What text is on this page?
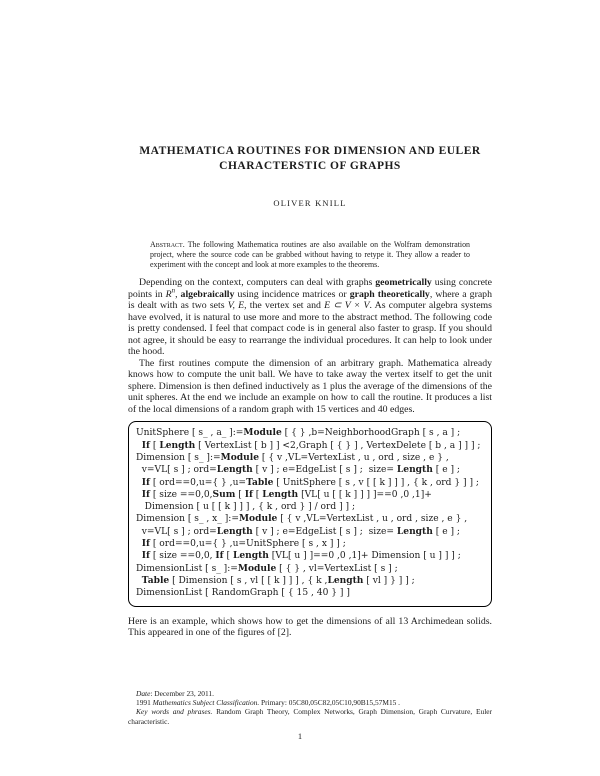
MATHEMATICA ROUTINES FOR DIMENSION AND EULER
CHARACTERSTIC OF GRAPHS
OLIVER KNILL
Abstract. The following Mathematica routines are also available on the Wolfram demonstration project, where the source code can be grabbed without having to retype it. They allow a reader to experiment with the concept and look at more examples to the theorems.
Depending on the context, computers can deal with graphs geometrically using concrete points in $R^n$, algebraically using incidence matrices or graph theoretically, where a graph is dealt with as two sets V, E, the vertex set and E ⊂ V × V. As computer algebra systems have evolved, it is natural to use more and more to the abstract method. The following code is pretty condensed. I feel that compact code is in general also faster to grasp. If you should not agree, it should be easy to rearrange the individual procedures. It can help to look under the hood.
The first routines compute the dimension of an arbitrary graph. Mathematica already knows how to compute the unit ball. We have to take away the vertex itself to get the unit sphere. Dimension is then defined inductively as 1 plus the average of the dimensions of the unit spheres. At the end we include an example on how to call the routine. It produces a list of the local dimensions of a random graph with 15 vertices and 40 edges.
UnitSphere [ s_ , a_ ]:=Module [ { } ,b=NeighborhoodGraph [ s , a ] ;
If [ Length [ VertexList [ b ] ] <2,Graph [ { } ] , VertexDelete [ b , a ] ] ] ;
Dimension [ s_ ]:=Module [ { v ,VL=VertexList , u , ord , size , e } ,
v=VL[ s ] ; ord=Length [ v ] ; e=EdgeList [ s ] ;  size= Length [ e ] ;
If [ ord==0,u={ } ,u=Table [ UnitSphere [ s , v [ [ k ] ] ] , { k , ord } ] ] ;
If [ size ==0,0,Sum [ If [ Length [VL[ u [ [ k ] ] ] ]==0 ,0 ,1]+
Dimension [ u [ [ k ] ] ] , { k , ord } ] / ord ] ] ;
Dimension [ s_ , x_ ]:=Module [ { v ,VL=VertexList , u , ord , size , e } ,
v=VL[ s ] ; ord=Length [ v ] ; e=EdgeList [ s ] ;  size= Length [ e ] ;
If [ ord==0,u={ } ,u=UnitSphere [ s , x ] ] ;
If [ size ==0,0, If [ Length [VL[ u ] ]==0 ,0 ,1]+ Dimension [ u ] ] ] ;
DimensionList [ s_ ]:=Module [ { } , vl=VertexList [ s ] ;
Table [ Dimension [ s , vl [ [ k ] ] ] , { k ,Length [ vl ] } ] ] ;
DimensionList [ RandomGraph [ { 15 , 40 } ] ]
Here is an example, which shows how to get the dimensions of all 13 Archimedean solids. This appeared in one of the figures of [2].
Date: December 23, 2011.
1991 Mathematics Subject Classification. Primary: 05C80,05C82,05C10,90B15,57M15 .
Key words and phrases. Random Graph Theory, Complex Networks, Graph Dimension, Graph Curvature, Euler characteristic.
1
